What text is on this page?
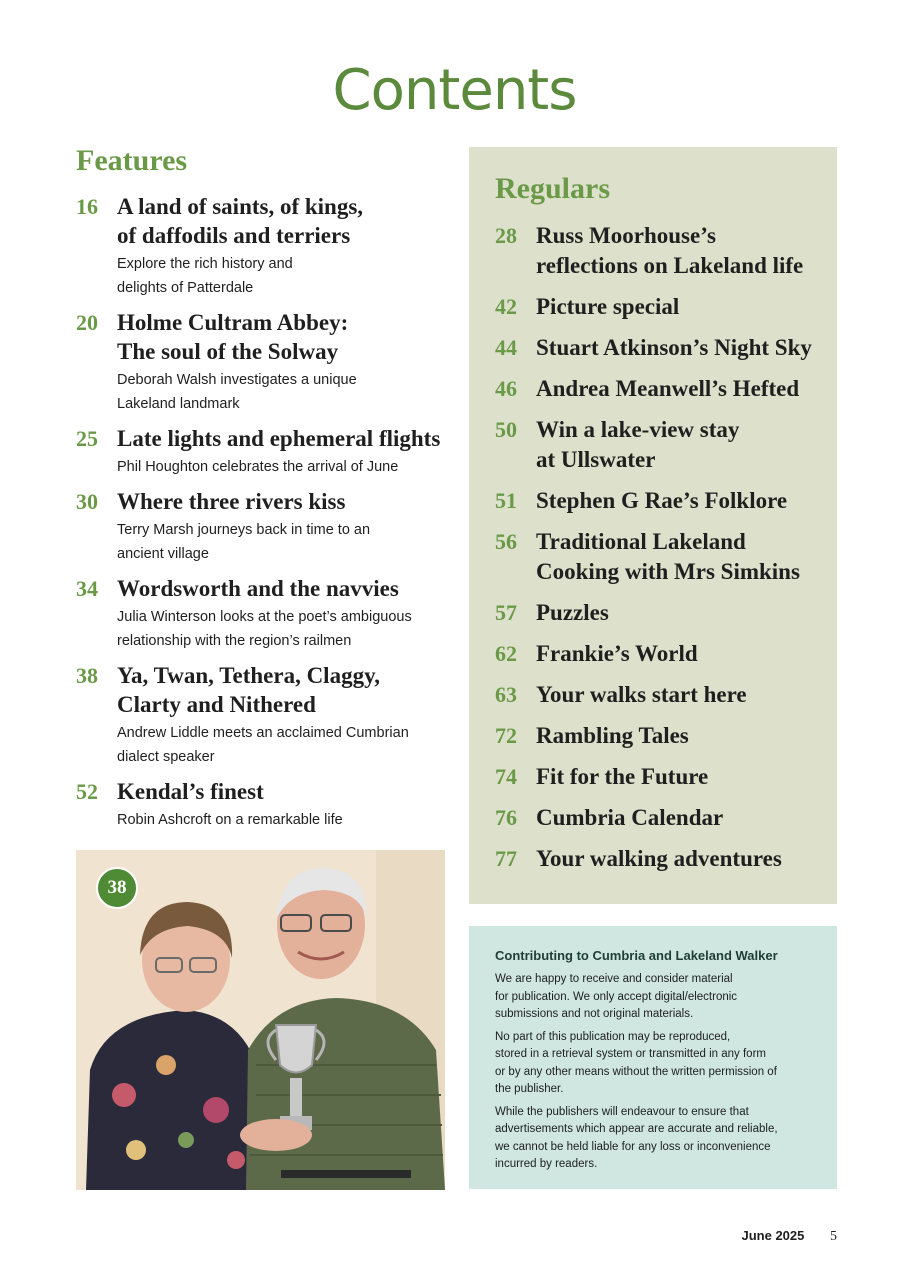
Contents
Features
16 A land of saints, of kings,
of daffodils and terriers
Explore the rich history and
delights of Patterdale
20 Holme Cultram Abbey:
The soul of the Solway
Deborah Walsh investigates a unique
Lakeland landmark
25 Late lights and ephemeral flights
Phil Houghton celebrates the arrival of June
30 Where three rivers kiss
Terry Marsh journeys back in time to an
ancient village
34 Wordsworth and the navvies
Julia Winterson looks at the poet’s ambiguous
relationship with the region’s railmen
38 Ya, Twan, Tethera, Claggy,
Clarty and Nithered
Andrew Liddle meets an acclaimed Cumbrian
dialect speaker
52 Kendal’s finest
Robin Ashcroft on a remarkable life
38
Regulars
28 Russ Moorhouse’s
reflections on Lakeland life
42 Picture special
44 Stuart Atkinson’s Night Sky
46 Andrea Meanwell’s Hefted
50 Win a lake-view stay
at Ullswater
51 Stephen G Rae’s Folklore
56 Traditional Lakeland
Cooking with Mrs Simkins
57 Puzzles
62 Frankie’s World
63 Your walks start here
72 Rambling Tales
74 Fit for the Future
76 Cumbria Calendar
77 Your walking adventures
Contributing to Cumbria and Lakeland Walker

We are happy to receive and consider material
for publication. We only accept digital/electronic
submissions and not original materials.

No part of this publication may be reproduced,
stored in a retrieval system or transmitted in any form
or by any other means without the written permission of
the publisher.

While the publishers will endeavour to ensure that
advertisements which appear are accurate and reliable,
we cannot be held liable for any loss or inconvenience
incurred by readers.

June 2025 5
